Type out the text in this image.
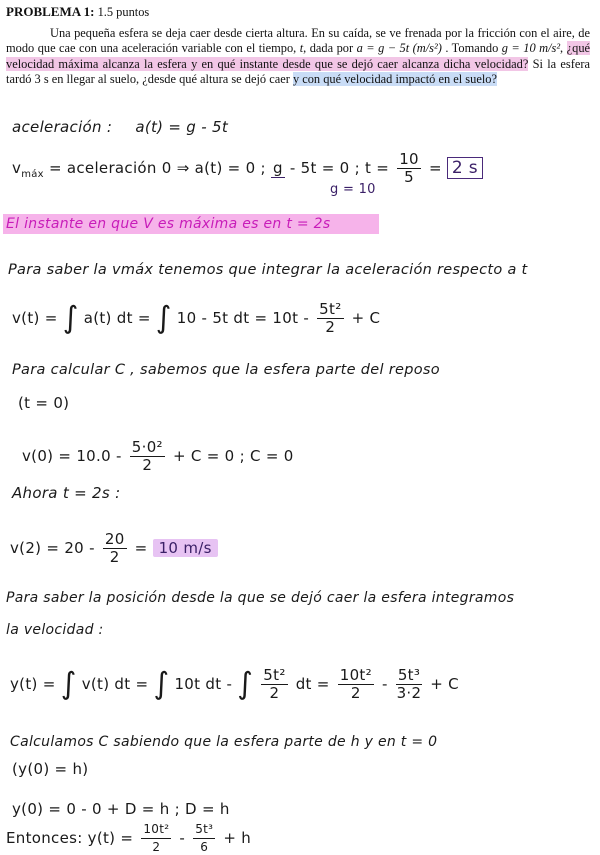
PROBLEMA 1: 1.5 puntos

Una pequeña esfera se deja caer desde cierta altura. En su caída, se ve frenada por la fricción con el aire, de modo que cae con una aceleración variable con el tiempo, t, dada por a = g − 5t (m/s²) . Tomando g = 10 m/s², ¿qué velocidad máxima alcanza la esfera y en qué instante desde que se dejó caer alcanza dicha velocidad? Si la esfera tardó 3 s en llegar al suelo, ¿desde qué altura se dejó caer y con qué velocidad impactó en el suelo?

aceleración : a(t) = g - 5t
$v_{máx}$ = aceleración 0 ⇒ a(t) = 0 ; g - 5t = 0 ; $t = \frac{10}{5} = 2$ s
g = 10
El instante en que V es máxima es en t = 2s
Para saber la vmáx tenemos que integrar la aceleración respecto a t
v(t) = ∫ a(t) dt = ∫ 10 - 5t dt = $10t - \frac{\text{5t²}}{2} + C$
Para calcular C , sabemos que la esfera parte del reposo
(t = 0)
$v(0) = 10.0 - \frac{\text{5·0²}}{2} + C = 0$ ; C = 0
Ahora t = 2s :
$v(2) = 20 - \frac{20}{2} = 10$ m/s
Para saber la posición desde la que se dejó caer la esfera integramos
la velocidad :
y(t) = ∫ v(t) dt = ∫ 10t dt - ∫ $\frac{\text{5t²}}{2}$ dt = $\frac{\text{10t²}}{2} - \frac{\text{5t³}}{3\cdot 2} + C$
Calculamos C sabiendo que la esfera parte de h y en t = 0
(y(0) = h)
y(0) = 0 - 0 + D = h ; D = h
Entonces: $y(t) = \frac{\text{10t²}}{2} - \frac{\text{5t³}}{6} + h$
